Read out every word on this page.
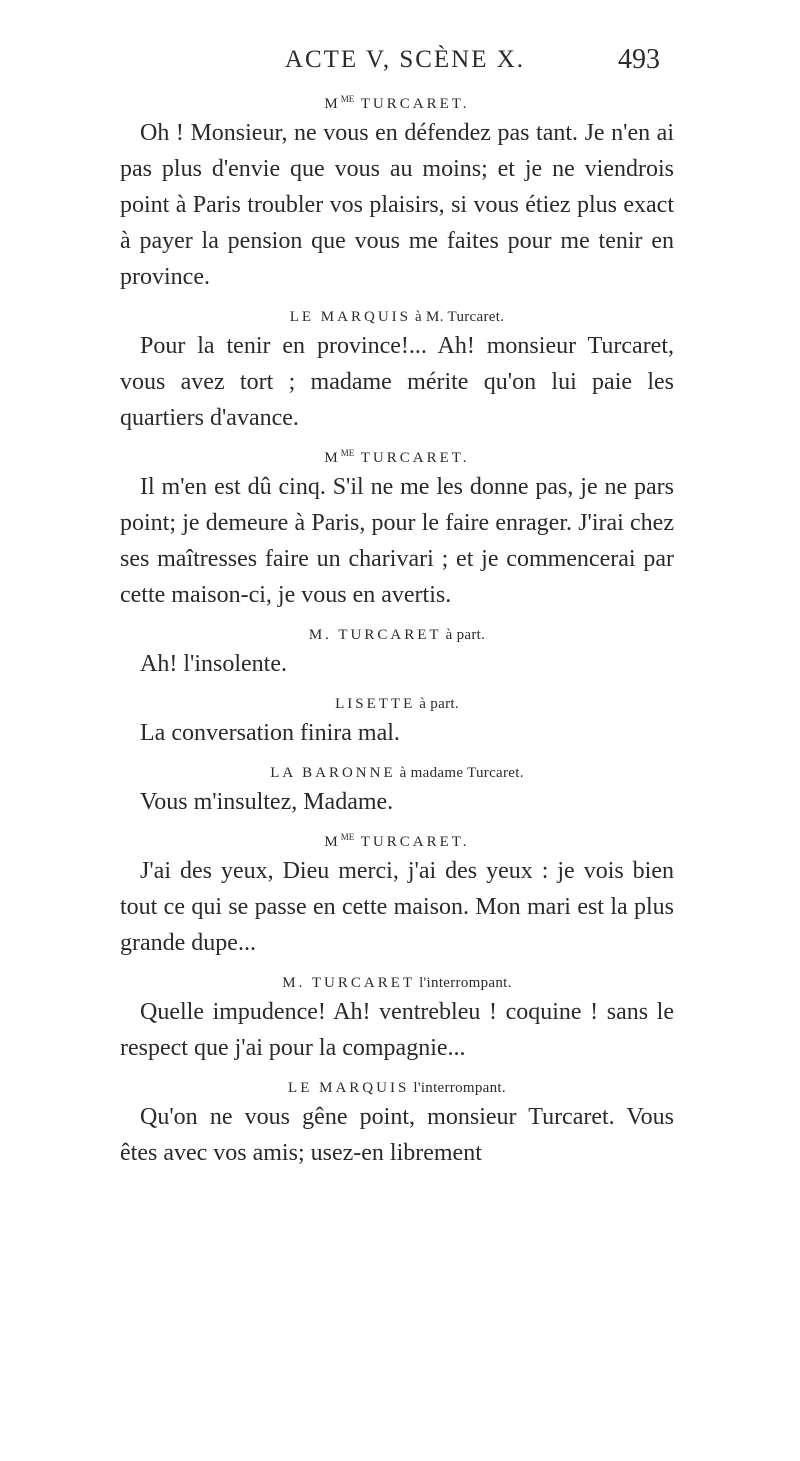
ACTE V, SCÈNE X.	493

$M^{ME}$ TURCARET.

Oh ! Monsieur, ne vous en défendez pas tant. Je n'en ai pas plus d'envie que vous au moins; et je ne viendrois point à Paris troubler vos plaisirs, si vous étiez plus exact à payer la pension que vous me faites pour me tenir en province.

LE MARQUIS à M. Turcaret.

Pour la tenir en province!... Ah! monsieur Turcaret, vous avez tort ; madame mérite qu'on lui paie les quartiers d'avance.

$M^{ME}$ TURCARET.

Il m'en est dû cinq. S'il ne me les donne pas, je ne pars point; je demeure à Paris, pour le faire enrager. J'irai chez ses maîtresses faire un charivari ; et je commencerai par cette maison-ci, je vous en avertis.

M. TURCARET à part.

Ah! l'insolente.

LISETTE à part.

La conversation finira mal.

LA BARONNE à madame Turcaret.

Vous m'insultez, Madame.

$M^{ME}$ TURCARET.

J'ai des yeux, Dieu merci, j'ai des yeux : je vois bien tout ce qui se passe en cette maison. Mon mari est la plus grande dupe...

M. TURCARET l'interrompant.

Quelle impudence! Ah! ventrebleu ! coquine ! sans le respect que j'ai pour la compagnie...

LE MARQUIS l'interrompant.

Qu'on ne vous gêne point, monsieur Turcaret. Vous êtes avec vos amis; usez-en librement
